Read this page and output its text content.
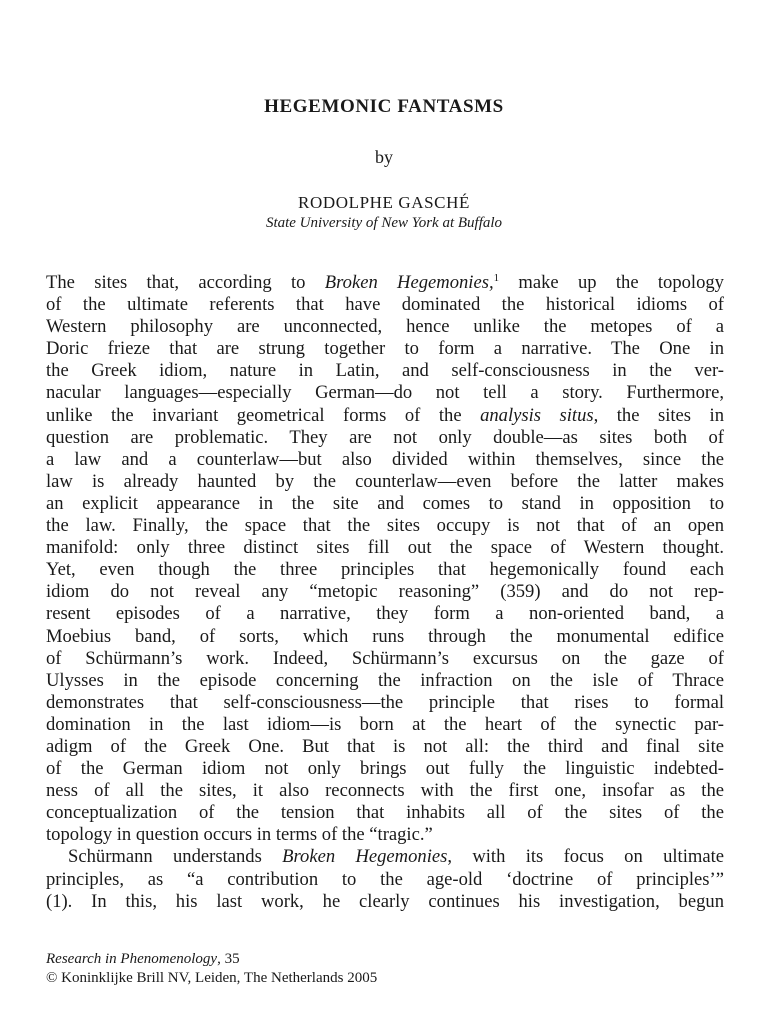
HEGEMONIC FANTASMS
by
RODOLPHE GASCHÉ
State University of New York at Buffalo
The sites that, according to Broken Hegemonies,$^1$ make up the topology
of the ultimate referents that have dominated the historical idioms of
Western philosophy are unconnected, hence unlike the metopes of a
Doric frieze that are strung together to form a narrative. The One in
the Greek idiom, nature in Latin, and self-consciousness in the ver-
nacular languages—especially German—do not tell a story. Furthermore,
unlike the invariant geometrical forms of the analysis situs, the sites in
question are problematic. They are not only double—as sites both of
a law and a counterlaw—but also divided within themselves, since the
law is already haunted by the counterlaw—even before the latter makes
an explicit appearance in the site and comes to stand in opposition to
the law. Finally, the space that the sites occupy is not that of an open
manifold: only three distinct sites fill out the space of Western thought.
Yet, even though the three principles that hegemonically found each
idiom do not reveal any “metopic reasoning” (359) and do not rep-
resent episodes of a narrative, they form a non-oriented band, a
Moebius band, of sorts, which runs through the monumental edifice
of Schürmann’s work. Indeed, Schürmann’s excursus on the gaze of
Ulysses in the episode concerning the infraction on the isle of Thrace
demonstrates that self-consciousness—the principle that rises to formal
domination in the last idiom—is born at the heart of the synectic par-
adigm of the Greek One. But that is not all: the third and final site
of the German idiom not only brings out fully the linguistic indebted-
ness of all the sites, it also reconnects with the first one, insofar as the
conceptualization of the tension that inhabits all of the sites of the
topology in question occurs in terms of the “tragic.”
Schürmann understands Broken Hegemonies, with its focus on ultimate
principles, as “a contribution to the age-old ‘doctrine of principles’”
(1). In this, his last work, he clearly continues his investigation, begun
Research in Phenomenology, 35
© Koninklijke Brill NV, Leiden, The Netherlands 2005
